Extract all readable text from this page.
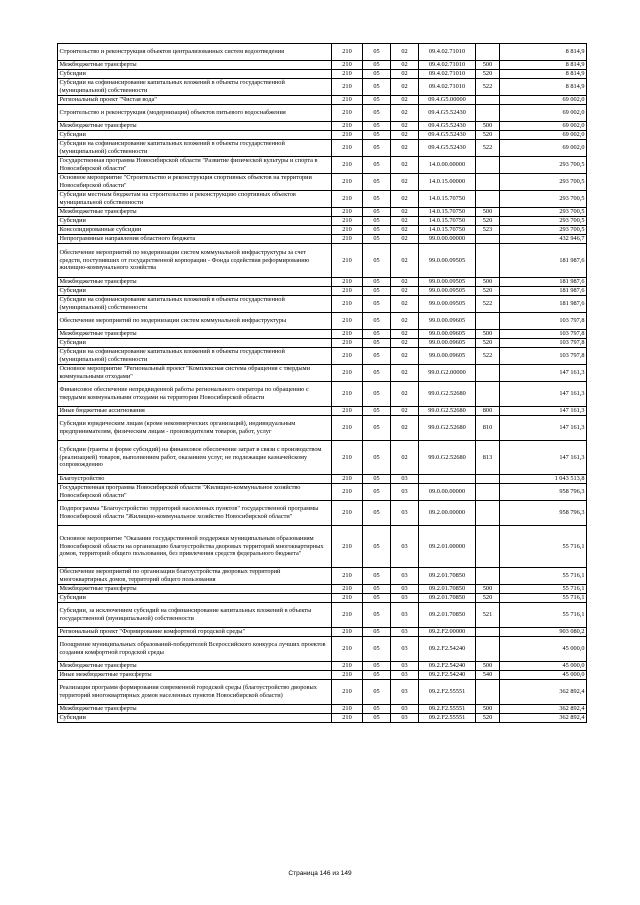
Строительство и реконструкция объектов централизованных систем водоотведения	210	05	02	09.4.02.71010		8 814,9
Межбюджетные трансферты	210	05	02	09.4.02.71010	500	8 814,9
Субсидии	210	05	02	09.4.02.71010	520	8 814,9
Субсидии на софинансирование капитальных вложений в объекты государственной (муниципальной) собственности	210	05	02	09.4.02.71010	522	8 814,9
Региональный проект "Чистая вода"	210	05	02	09.4.G5.00000		69 002,0
Строительство и реконструкция (модернизация) объектов питьевого водоснабжения	210	05	02	09.4.G5.52430		69 002,0
Межбюджетные трансферты	210	05	02	09.4.G5.52430	500	69 002,0
Субсидии	210	05	02	09.4.G5.52430	520	69 002,0
Субсидии на софинансирование капитальных вложений в объекты государственной (муниципальной) собственности	210	05	02	09.4.G5.52430	522	69 002,0
Государственная программа Новосибирской области "Развитие физической культуры и спорта в Новосибирской области"	210	05	02	14.0.00.00000		293 700,5
Основное мероприятие "Строительство и реконструкция спортивных объектов на территории Новосибирской области"	210	05	02	14.0.15.00000		293 700,5
Субсидии местным бюджетам на строительство и реконструкцию спортивных объектов муниципальной собственности	210	05	02	14.0.15.70750		293 700,5
Межбюджетные трансферты	210	05	02	14.0.15.70750	500	293 700,5
Субсидии	210	05	02	14.0.15.70750	520	293 700,5
Консолидированные субсидии	210	05	02	14.0.15.70750	523	293 700,5
Непрограммные направления областного бюджета	210	05	02	99.0.00.00000		432 946,7
Обеспечение мероприятий по модернизации систем коммунальной инфраструктуры за счет средств, поступивших от государственной корпорации - Фонда содействия реформированию жилищно-коммунального хозяйства	210	05	02	99.0.00.09505		181 987,6
Межбюджетные трансферты	210	05	02	99.0.00.09505	500	181 987,6
Субсидии	210	05	02	99.0.00.09505	520	181 987,6
Субсидии на софинансирование капитальных вложений в объекты государственной (муниципальной) собственности	210	05	02	99.0.00.09505	522	181 987,6
Обеспечение мероприятий по модернизации систем коммунальной инфраструктуры	210	05	02	99.0.00.09605		103 797,8
Межбюджетные трансферты	210	05	02	99.0.00.09605	500	103 797,8
Субсидии	210	05	02	99.0.00.09605	520	103 797,8
Субсидии на софинансирование капитальных вложений в объекты государственной (муниципальной) собственности	210	05	02	99.0.00.09605	522	103 797,8
Основное мероприятие "Региональный проект "Комплексная система обращения с твердыми коммунальными отходами"	210	05	02	99.0.G2.00000		147 161,3
Финансовое обеспечение непредвиденной работы регионального оператора по обращению с твердыми коммунальными отходами на территории Новосибирской области	210	05	02	99.0.G2.52680		147 161,3
Иные бюджетные ассигнования	210	05	02	99.0.G2.52680	800	147 161,3
Субсидии юридическим лицам (кроме некоммерческих организаций), индивидуальным предпринимателям, физическим лицам - производителям товаров, работ, услуг	210	05	02	99.0.G2.52680	810	147 161,3
Субсидии (гранты в форме субсидий) на финансовое обеспечение затрат в связи с производством (реализацией) товаров, выполнением работ, оказанием услуг, не подлежащие казначейскому сопровождению	210	05	02	99.0.G2.52680	813	147 161,3
Благоустройство	210	05	03			1 043 513,8
Государственная программа Новосибирской области "Жилищно-коммунальное хозяйство Новосибирской области"	210	05	03	09.0.00.00000		958 796,3
Подпрограмма "Благоустройство территорий населенных пунктов" государственной программы Новосибирской области "Жилищно-коммунальное хозяйство Новосибирской области"	210	05	03	09.2.00.00000		958 796,3
Основное мероприятие "Оказание государственной поддержки муниципальным образованиям Новосибирской области на организацию благоустройства дворовых территорий многоквартирных домов, территорий общего пользования, без привлечения средств федерального бюджета"	210	05	03	09.2.01.00000		55 716,1
Обеспечение мероприятий по организации благоустройства дворовых территорий многоквартирных домов, территорий общего пользования	210	05	03	09.2.01.70850		55 716,1
Межбюджетные трансферты	210	05	03	09.2.01.70850	500	55 716,1
Субсидии	210	05	03	09.2.01.70850	520	55 716,1
Субсидии, за исключением субсидий на софинансирование капитальных вложений в объекты государственной (муниципальной) собственности	210	05	03	09.2.01.70850	521	55 716,1
Региональный проект "Формирование комфортной городской среды"	210	05	03	09.2.F2.00000		903 080,2
Поощрение муниципальных образований-победителей Всероссийского конкурса лучших проектов создания комфортной городской среды	210	05	03	09.2.F2.54240		45 000,0
Межбюджетные трансферты	210	05	03	09.2.F2.54240	500	45 000,0
Иные межбюджетные трансферты	210	05	03	09.2.F2.54240	540	45 000,0
Реализация программ формирования современной городской среды (благоустройство дворовых территорий многоквартирных домов населенных пунктов Новосибирской области)	210	05	03	09.2.F2.55551		362 892,4
Межбюджетные трансферты	210	05	03	09.2.F2.55551	500	362 892,4
Субсидии	210	05	03	09.2.F2.55551	520	362 892,4
Страница 146 из 149
